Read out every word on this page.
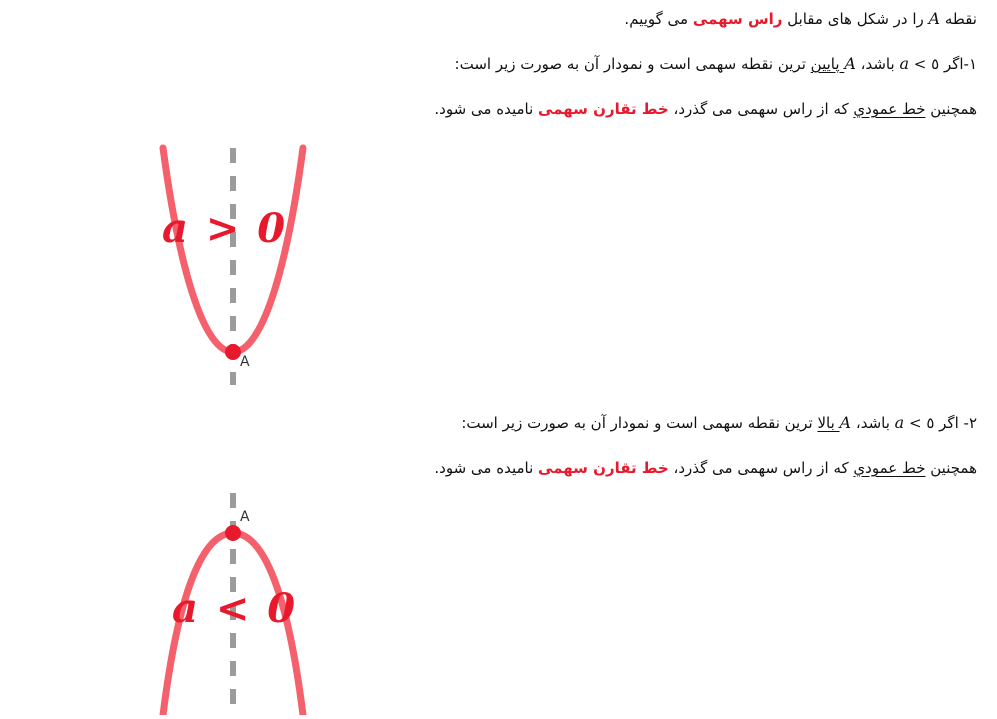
نقطه A را در شکل های مقابل راس سهمی می گوییم.
۱-اگر ٥ > a باشد، A پایین ترین نقطه سهمی است و نمودار آن به صورت زیر است:
همچنین خط عمودي که از راس سهمی می گذرد، خط تقارن سهمی نامیده می شود.
A
a > 0
۲- اگر ٥ > a باشد، A بالا ترین نقطه سهمی است و نمودار آن به صورت زیر است:
همچنین خط عمودي که از راس سهمی می گذرد، خط تقارن سهمی نامیده می شود.
A
a < 0
